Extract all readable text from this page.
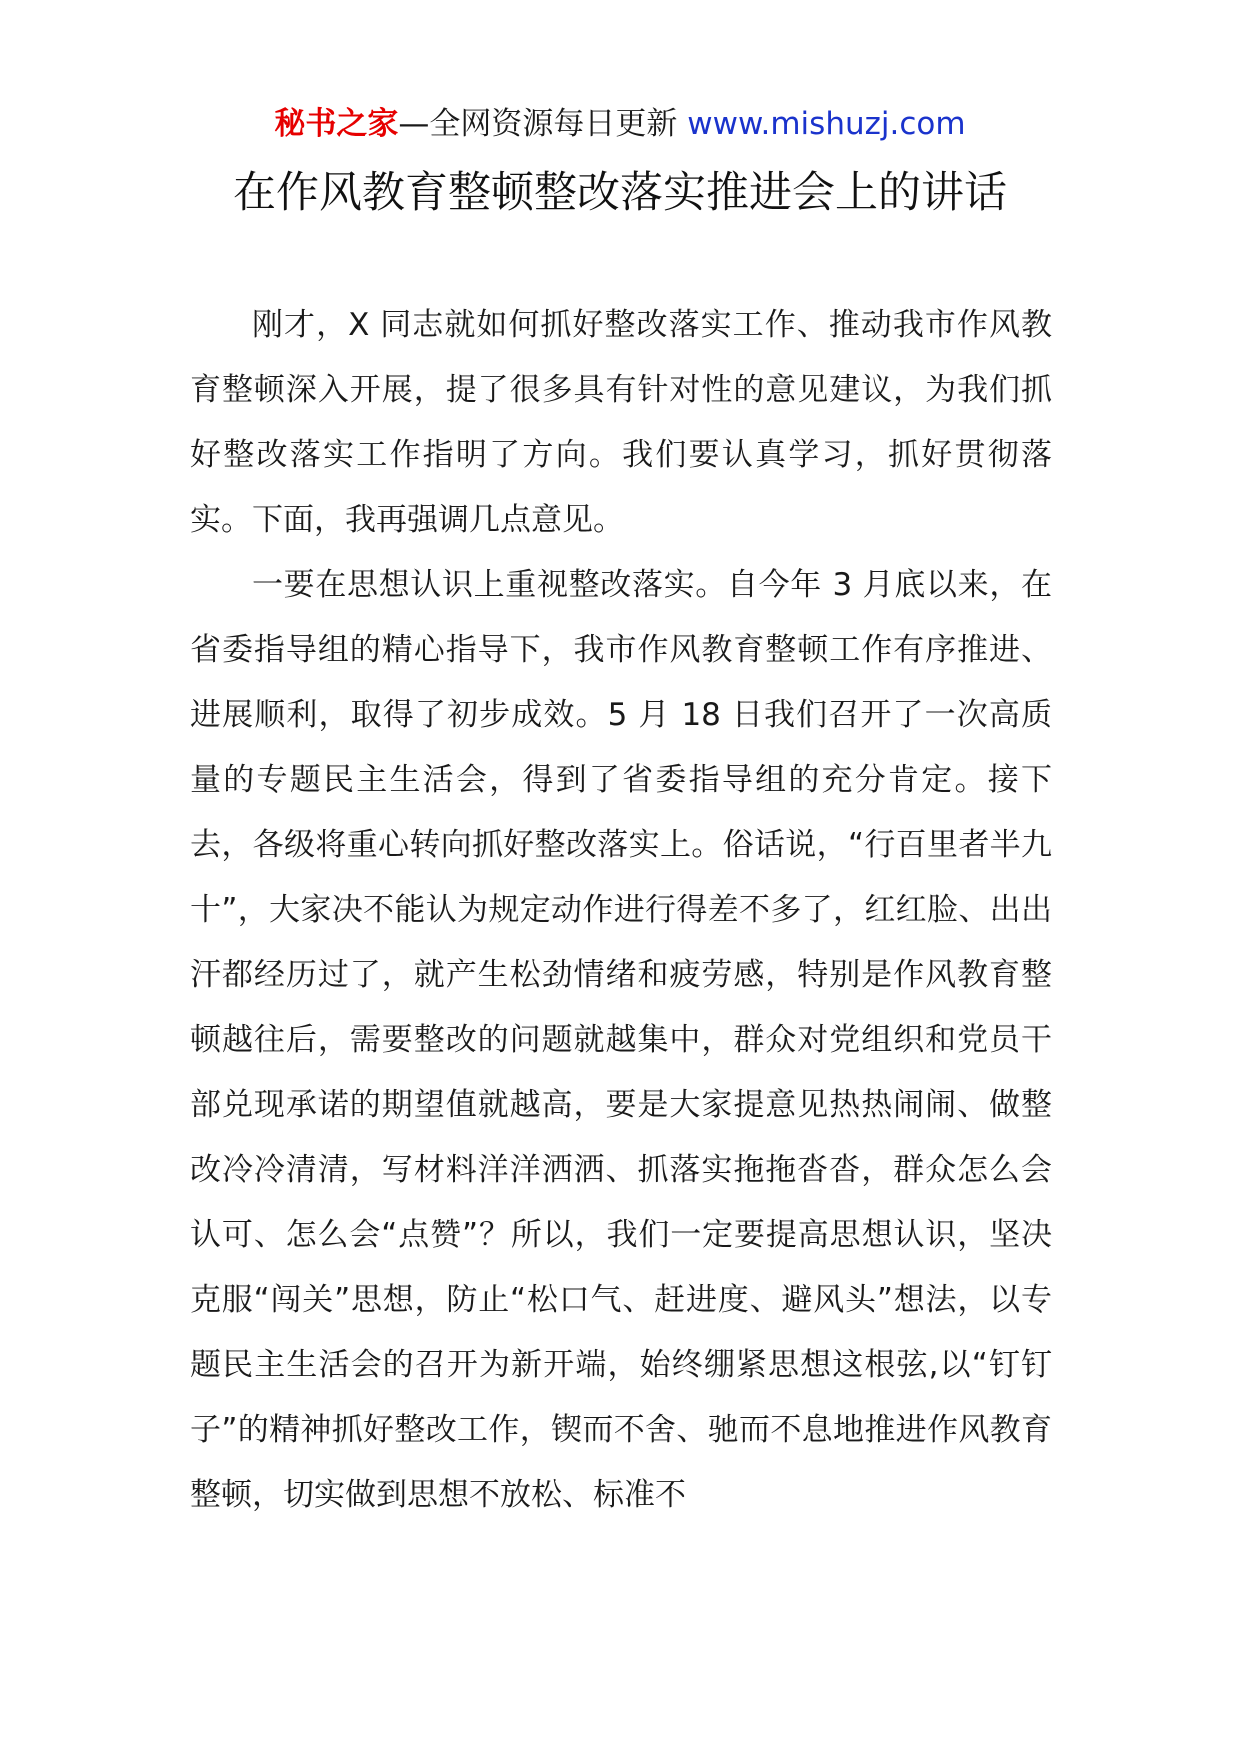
秘书之家—全网资源每日更新 www.mishuzj.com
在作风教育整顿整改落实推进会上的讲话

刚才，X 同志就如何抓好整改落实工作、推动我市作风教育整顿深入开展，提了很多具有针对性的意见建议，为我们抓好整改落实工作指明了方向。我们要认真学习，抓好贯彻落实。下面，我再强调几点意见。

一要在思想认识上重视整改落实。自今年 3 月底以来，在省委指导组的精心指导下，我市作风教育整顿工作有序推进、进展顺利，取得了初步成效。5 月 18 日我们召开了一次高质量的专题民主生活会，得到了省委指导组的充分肯定。接下去，各级将重心转向抓好整改落实上。俗话说，“行百里者半九十”，大家决不能认为规定动作进行得差不多了，红红脸、出出汗都经历过了，就产生松劲情绪和疲劳感，特别是作风教育整顿越往后，需要整改的问题就越集中，群众对党组织和党员干部兑现承诺的期望值就越高，要是大家提意见热热闹闹、做整改冷冷清清，写材料洋洋洒洒、抓落实拖拖沓沓，群众怎么会认可、怎么会“点赞”？所以，我们一定要提高思想认识，坚决克服“闯关”思想，防止“松口气、赶进度、避风头”想法，以专题民主生活会的召开为新开端，始终绷紧思想这根弦,以“钉钉子”的精神抓好整改工作，锲而不舍、驰而不息地推进作风教育整顿，切实做到思想不放松、标准不
